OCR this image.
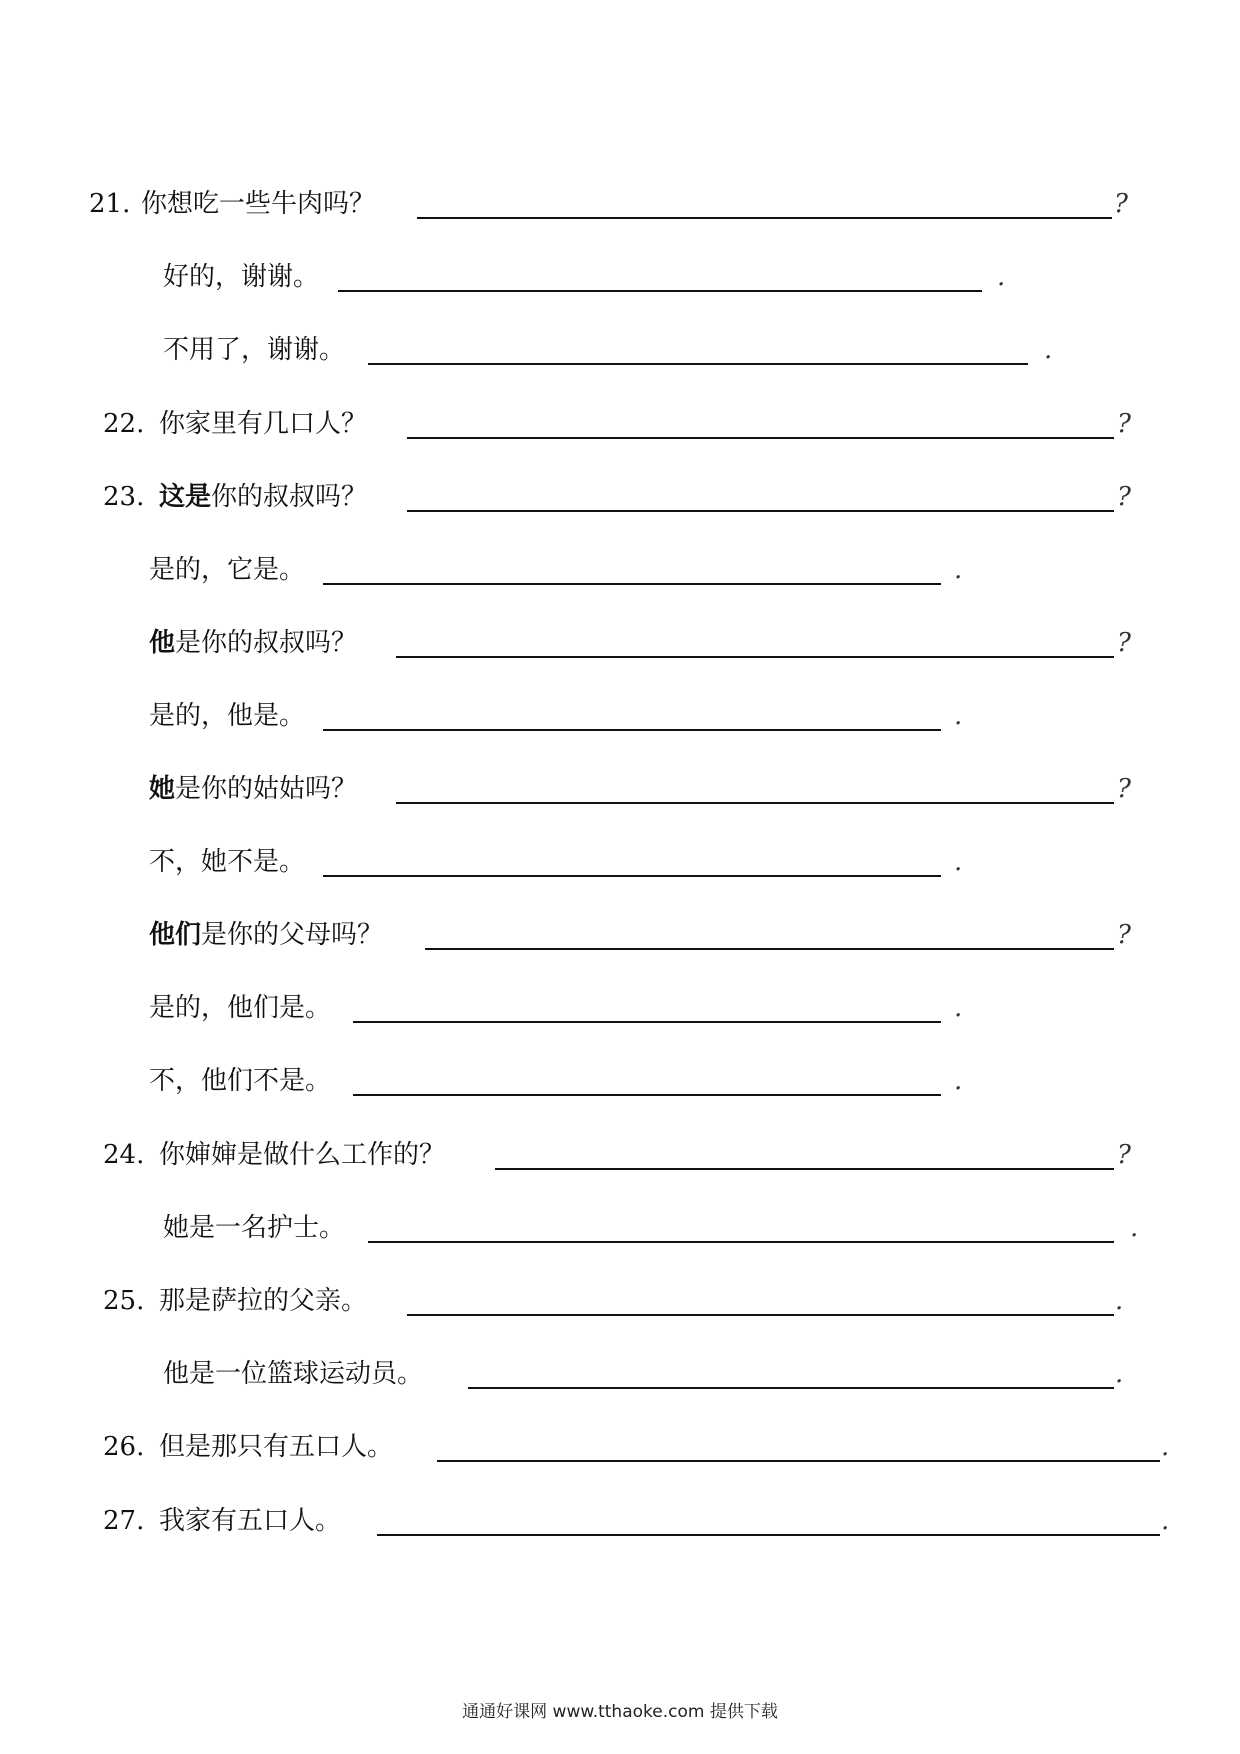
21. 你想吃一些牛肉吗？	?
好的，谢谢。	.
不用了，谢谢。	.
22. 你家里有几口人？	?
23. 这是你的叔叔吗？	?
是的，它是。	.
他是你的叔叔吗？	?
是的，他是。	.
她是你的姑姑吗？	?
不，她不是。	.
他们是你的父母吗？	?
是的，他们是。	.
不，他们不是。	.
24. 你婶婶是做什么工作的？	?
她是一名护士。	.
25. 那是萨拉的父亲。	.
他是一位篮球运动员。	.
26. 但是那只有五口人。	.
27. 我家有五口人。	.
通通好课网 www.tthaoke.com 提供下载
